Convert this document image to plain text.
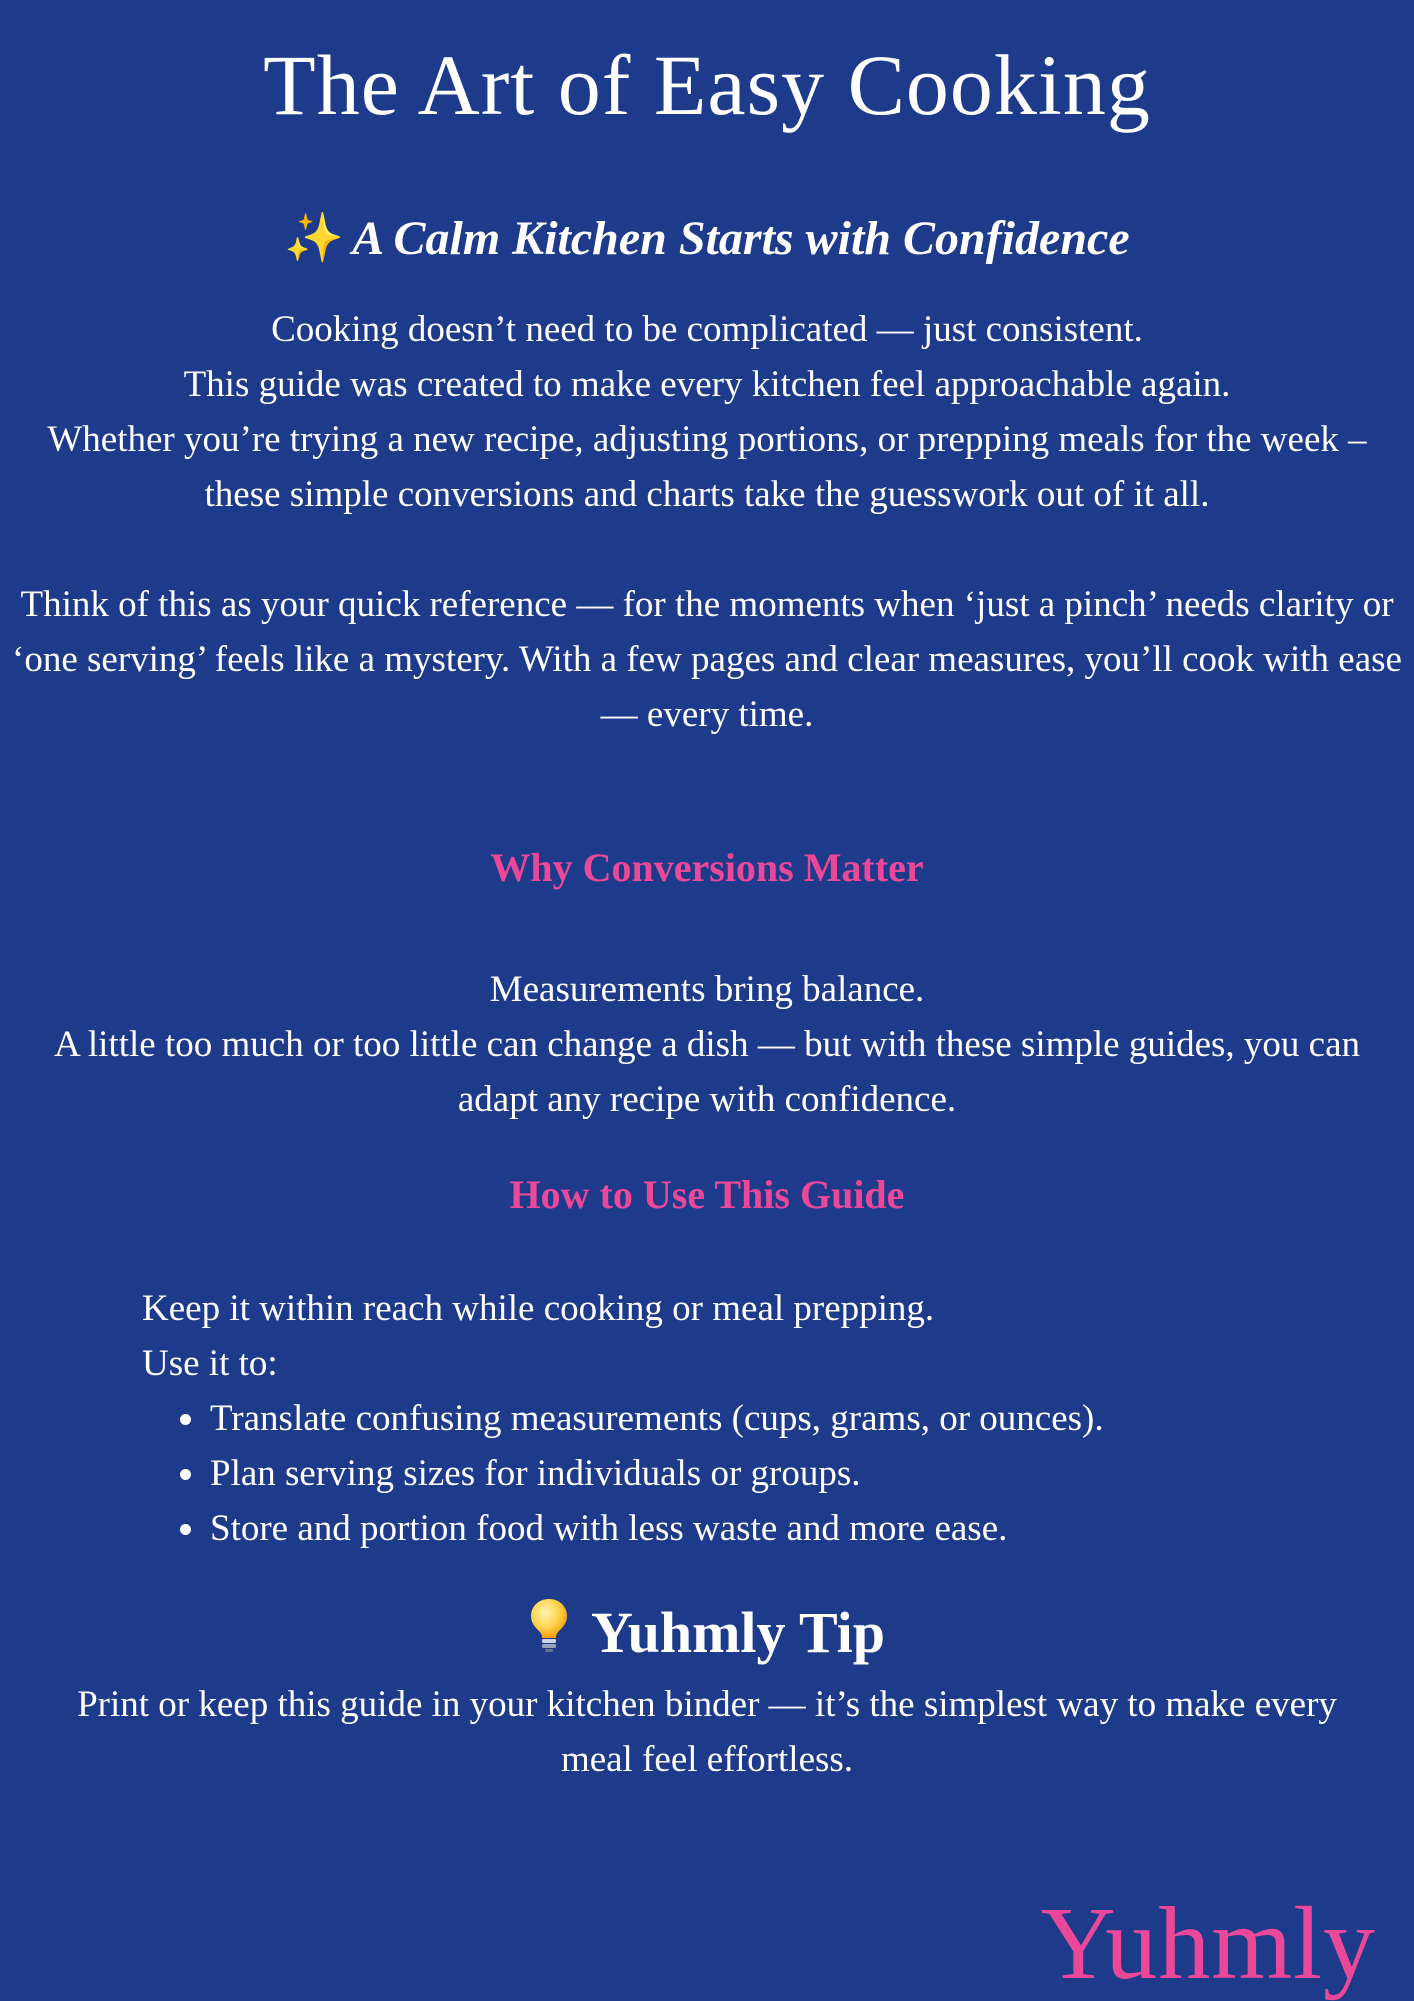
The Art of Easy Cooking
✨ A Calm Kitchen Starts with Confidence
Cooking doesn’t need to be complicated — just consistent.
This guide was created to make every kitchen feel approachable again.
Whether you’re trying a new recipe, adjusting portions, or prepping meals for the week – these simple conversions and charts take the guesswork out of it all.

Think of this as your quick reference — for the moments when ‘just a pinch’ needs clarity or ‘one serving’ feels like a mystery. With a few pages and clear measures, you’ll cook with ease — every time.
Why Conversions Matter
Measurements bring balance.
A little too much or too little can change a dish — but with these simple guides, you can adapt any recipe with confidence.
How to Use This Guide

Keep it within reach while cooking or meal prepping.

Use it to:

Translate confusing measurements (cups, grams, or ounces).
Plan serving sizes for individuals or groups.
Store and portion food with less waste and more ease.
Yuhmly Tip

Print or keep this guide in your kitchen binder — it’s the simplest way to make every meal feel effortless.

Yuhmly
